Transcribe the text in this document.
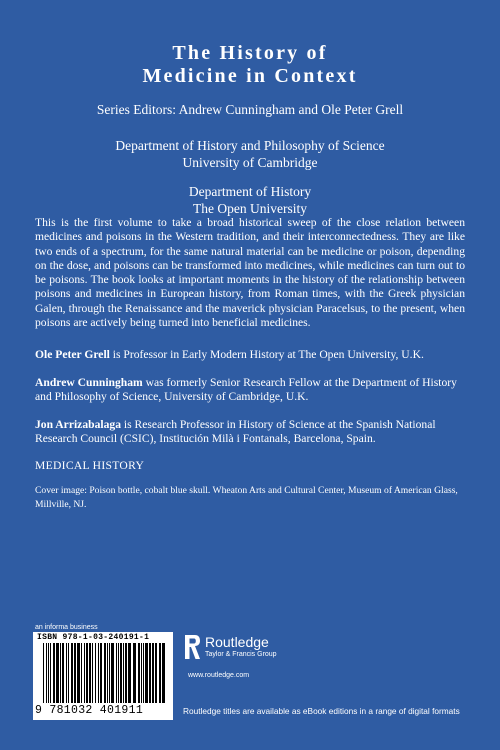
The History of
Medicine in Context
Series Editors: Andrew Cunningham and Ole Peter Grell
Department of History and Philosophy of Science
University of Cambridge
Department of History
The Open University
This is the first volume to take a broad historical sweep of the close relation between medicines and poisons in the Western tradition, and their interconnectedness. They are like two ends of a spectrum, for the same natural material can be medicine or poison, depending on the dose, and poisons can be transformed into medicines, while medicines can turn out to be poisons. The book looks at important moments in the history of the relationship between poisons and medicines in European history, from Roman times, with the Greek physician Galen, through the Renaissance and the maverick physician Paracelsus, to the present, when poisons are actively being turned into beneficial medicines.
Ole Peter Grell is Professor in Early Modern History at The Open University, U.K.
Andrew Cunningham was formerly Senior Research Fellow at the Department of History and Philosophy of Science, University of Cambridge, U.K.
Jon Arrizabalaga is Research Professor in History of Science at the Spanish National Research Council (CSIC), Institución Milà i Fontanals, Barcelona, Spain.
MEDICAL HISTORY
Cover image: Poison bottle, cobalt blue skull. Wheaton Arts and Cultural Center, Museum of American Glass, Millville, NJ.
an informa business
ISBN 978-1-03-240191-1
9 781032 401911
Routledge
Taylor & Francis Group
www.routledge.com
Routledge titles are available as eBook editions in a range of digital formats
